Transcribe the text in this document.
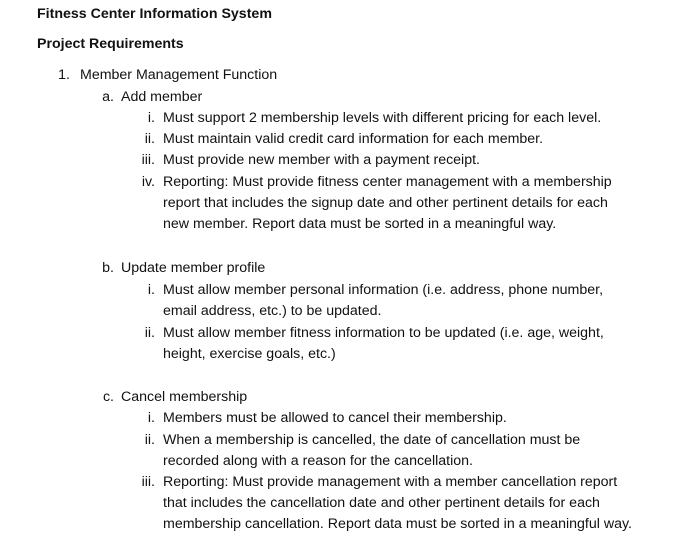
Fitness Center Information System
Project Requirements
1. Member Management Function
a. Add member
i. Must support 2 membership levels with different pricing for each level.
ii. Must maintain valid credit card information for each member.
iii. Must provide new member with a payment receipt.
iv. Reporting: Must provide fitness center management with a membership
report that includes the signup date and other pertinent details for each
new member. Report data must be sorted in a meaningful way.
b. Update member profile
i. Must allow member personal information (i.e. address, phone number,
email address, etc.) to be updated.
ii. Must allow member fitness information to be updated (i.e. age, weight,
height, exercise goals, etc.)
c. Cancel membership
i. Members must be allowed to cancel their membership.
ii. When a membership is cancelled, the date of cancellation must be
recorded along with a reason for the cancellation.
iii. Reporting: Must provide management with a member cancellation report
that includes the cancellation date and other pertinent details for each
membership cancellation. Report data must be sorted in a meaningful way.
